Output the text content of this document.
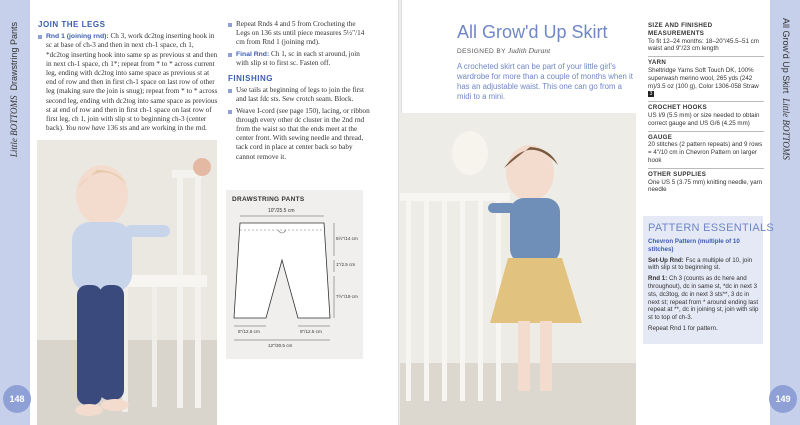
Little BOTTOMS  Drawstring Pants
148
JOIN THE LEGS
Rnd 1 (joining rnd): Ch 3, work dc2tog inserting hook in sc at base of ch-3 and then in next ch-1 space, ch 1, *dc2tog inserting hook into same sp as previous st and then in next ch-1 space, ch 1*; repeat from * to * across current leg, ending with dc2tog into same space as previous st at end of row and then in first ch-1 space on last row of other leg (making sure the join is snug); repeat from * to * across second leg, ending with dc2tog into same space as previous st at end of row and then in first ch-1 space on last row of first leg, ch 1, join with slip st to beginning ch-3 (center back). You now have 136 sts and are working in the rnd.
Repeat Rnds 4 and 5 from Crocheting the Legs on 136 sts until piece measures 5½"/14 cm from Rnd 1 (joining rnd).
Final Rnd: Ch 1, sc in each st around, join with slip st to first sc. Fasten off.
FINISHING
Use tails at beginning of legs to join the first and last fdc sts. Sew crotch seam. Block.
Weave I-cord (see page 150), lacing, or ribbon through every other dc cluster in the 2nd rnd from the waist so that the ends meet at the center front. With sewing needle and thread, tack cord in place at center back so baby cannot remove it.
DRAWSTRING PANTS
10"/25.5 cm
5½"/14 cm
1"/2.5 cm
7½"/19 cm
5"/12.5 cm	5"/12.5 cm
12"/30.5 cm
All Grow'd Up Skirt  Little BOTTOMS
149
All Grow'd Up Skirt
DESIGNED BY Judith Durant
A crocheted skirt can be part of your little girl's wardrobe for more than a couple of months when it has an adjustable waist. This one can go from a midi to a mini.
SIZE AND FINISHED MEASUREMENTS
To fit 12–24 months: 18–20"/45.5–51 cm waist and 9"/23 cm length
YARN
Sheltridge Yarns Soft Touch DK, 100% superwash merino wool, 265 yds (242 m)/3.5 oz (100 g), Color 1306-058 Straw 3
CROCHET HOOKS
US I/9 (5.5 mm) or size needed to obtain correct gauge and US G/6 (4.25 mm)
GAUGE
20 stitches (2 pattern repeats) and 9 rows = 4"/10 cm in Chevron Pattern on larger hook
OTHER SUPPLIES
One US 5 (3.75 mm) knitting needle, yarn needle
PATTERN ESSENTIALS
Chevron Pattern (multiple of 10 stitches)
Set-Up Rnd: Fsc a multiple of 10, join with slip st to beginning st.
Rnd 1: Ch 3 (counts as dc here and throughout), dc in same st, *dc in next 3 sts, dc3tog, dc in next 3 sts**, 3 dc in next st; repeat from * around ending last repeat at **, dc in joining st, join with slip st to top of ch-3.
Repeat Rnd 1 for pattern.
